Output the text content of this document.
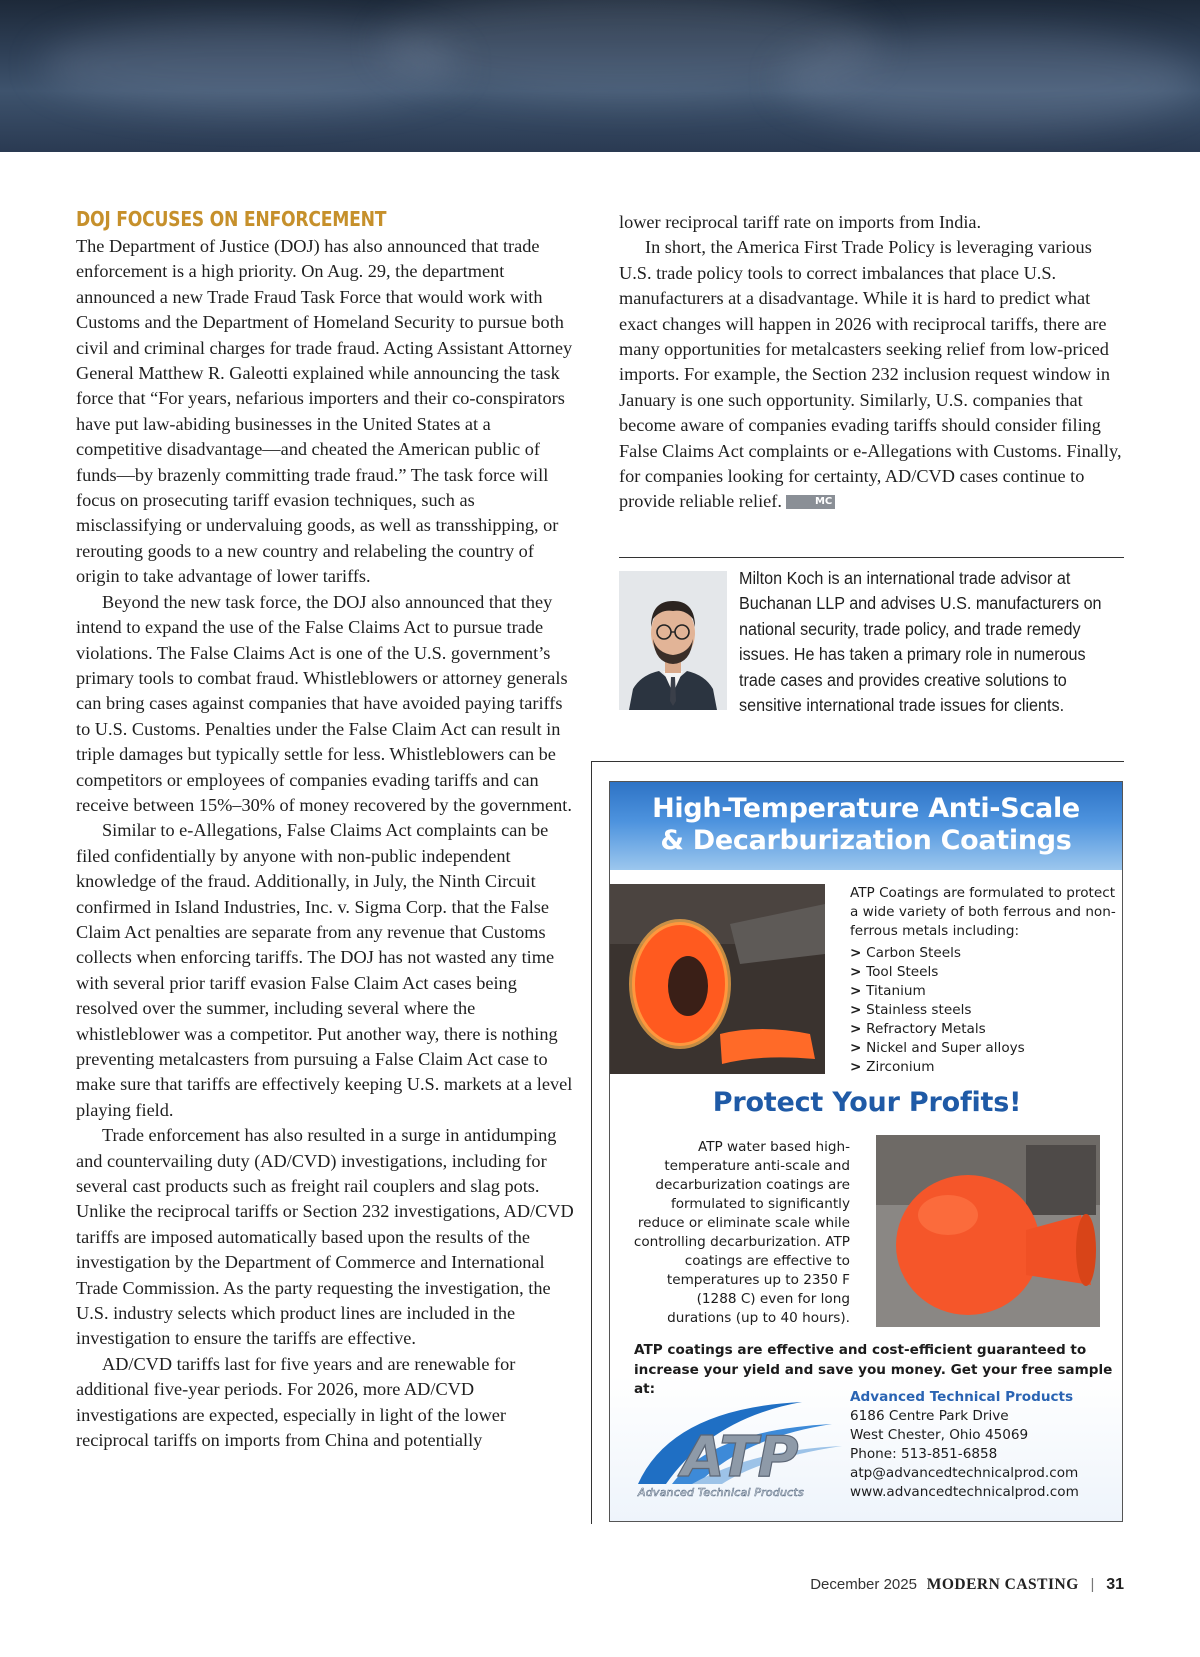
DOJ FOCUSES ON ENFORCEMENT

The Department of Justice (DOJ) has also announced that trade enforcement is a high priority. On Aug. 29, the department announced a new Trade Fraud Task Force that would work with Customs and the Department of Homeland Security to pursue both civil and criminal charges for trade fraud. Acting Assistant Attorney General Matthew R. Galeotti explained while announcing the task force that “For years, nefarious importers and their co-conspirators have put law-abiding businesses in the United States at a competitive disadvantage—and cheated the American public of funds—by brazenly committing trade fraud.” The task force will focus on prosecuting tariff evasion techniques, such as misclassifying or undervaluing goods, as well as transshipping, or rerouting goods to a new country and relabeling the country of origin to take advantage of lower tariffs.

Beyond the new task force, the DOJ also announced that they intend to expand the use of the False Claims Act to pursue trade violations. The False Claims Act is one of the U.S. government’s primary tools to combat fraud. Whistleblowers or attorney generals can bring cases against companies that have avoided paying tariffs to U.S. Customs. Penalties under the False Claim Act can result in triple damages but typically settle for less. Whistleblowers can be competitors or employees of companies evading tariffs and can receive between 15%–30% of money recovered by the government.

Similar to e-Allegations, False Claims Act complaints can be filed confidentially by anyone with non-public independent knowledge of the fraud. Additionally, in July, the Ninth Circuit confirmed in Island Industries, Inc. v. Sigma Corp. that the False Claim Act penalties are separate from any revenue that Customs collects when enforcing tariffs. The DOJ has not wasted any time with several prior tariff evasion False Claim Act cases being resolved over the summer, including several where the whistleblower was a competitor. Put another way, there is nothing preventing metalcasters from pursuing a False Claim Act case to make sure that tariffs are effectively keeping U.S. markets at a level playing field.

Trade enforcement has also resulted in a surge in antidumping and countervailing duty (AD/CVD) investigations, including for several cast products such as freight rail couplers and slag pots. Unlike the reciprocal tariffs or Section 232 investigations, AD/CVD tariffs are imposed automatically based upon the results of the investigation by the Department of Commerce and International Trade Commission. As the party requesting the investigation, the U.S. industry selects which product lines are included in the investigation to ensure the tariffs are effective.

AD/CVD tariffs last for five years and are renewable for additional five-year periods. For 2026, more AD/CVD investigations are expected, especially in light of the lower reciprocal tariffs on imports from China and potentially

lower reciprocal tariff rate on imports from India.

In short, the America First Trade Policy is leveraging various U.S. trade policy tools to correct imbalances that place U.S. manufacturers at a disadvantage. While it is hard to predict what exact changes will happen in 2026 with reciprocal tariffs, there are many opportunities for metalcasters seeking relief from low-priced imports. For example, the Section 232 inclusion request window in January is one such opportunity. Similarly, U.S. companies that become aware of companies evading tariffs should consider filing False Claims Act complaints or e-Allegations with Customs. Finally, for companies looking for certainty, AD/CVD cases continue to provide reliable relief.	MC

Milton Koch is an international trade advisor at Buchanan LLP and advises U.S. manufacturers on national security, trade policy, and trade remedy issues. He has taken a primary role in numerous trade cases and provides creative solutions to sensitive international trade issues for clients.
High-Temperature Anti-Scale
& Decarburization Coatings
ATP Coatings are formulated to protect a wide variety of both ferrous and non-ferrous metals including:
> Carbon Steels
> Tool Steels
> Titanium
> Stainless steels
> Refractory Metals
> Nickel and Super alloys
> Zirconium
Protect Your Profits!
ATP water based high-temperature anti-scale and decarburization coatings are formulated to significantly reduce or eliminate scale while controlling decarburization. ATP coatings are effective to temperatures up to 2350 F (1288 C) even for long durations (up to 40 hours).
ATP coatings are effective and cost-efficient guaranteed to increase your yield and save you money. Get your free sample at:
ATP
Advanced Technical Products
Advanced Technical Products
6186 Centre Park Drive
West Chester, Ohio 45069
Phone: 513-851-6858
atp@advancedtechnicalprod.com
www.advancedtechnicalprod.com
December 2025 MODERN CASTING | 31
